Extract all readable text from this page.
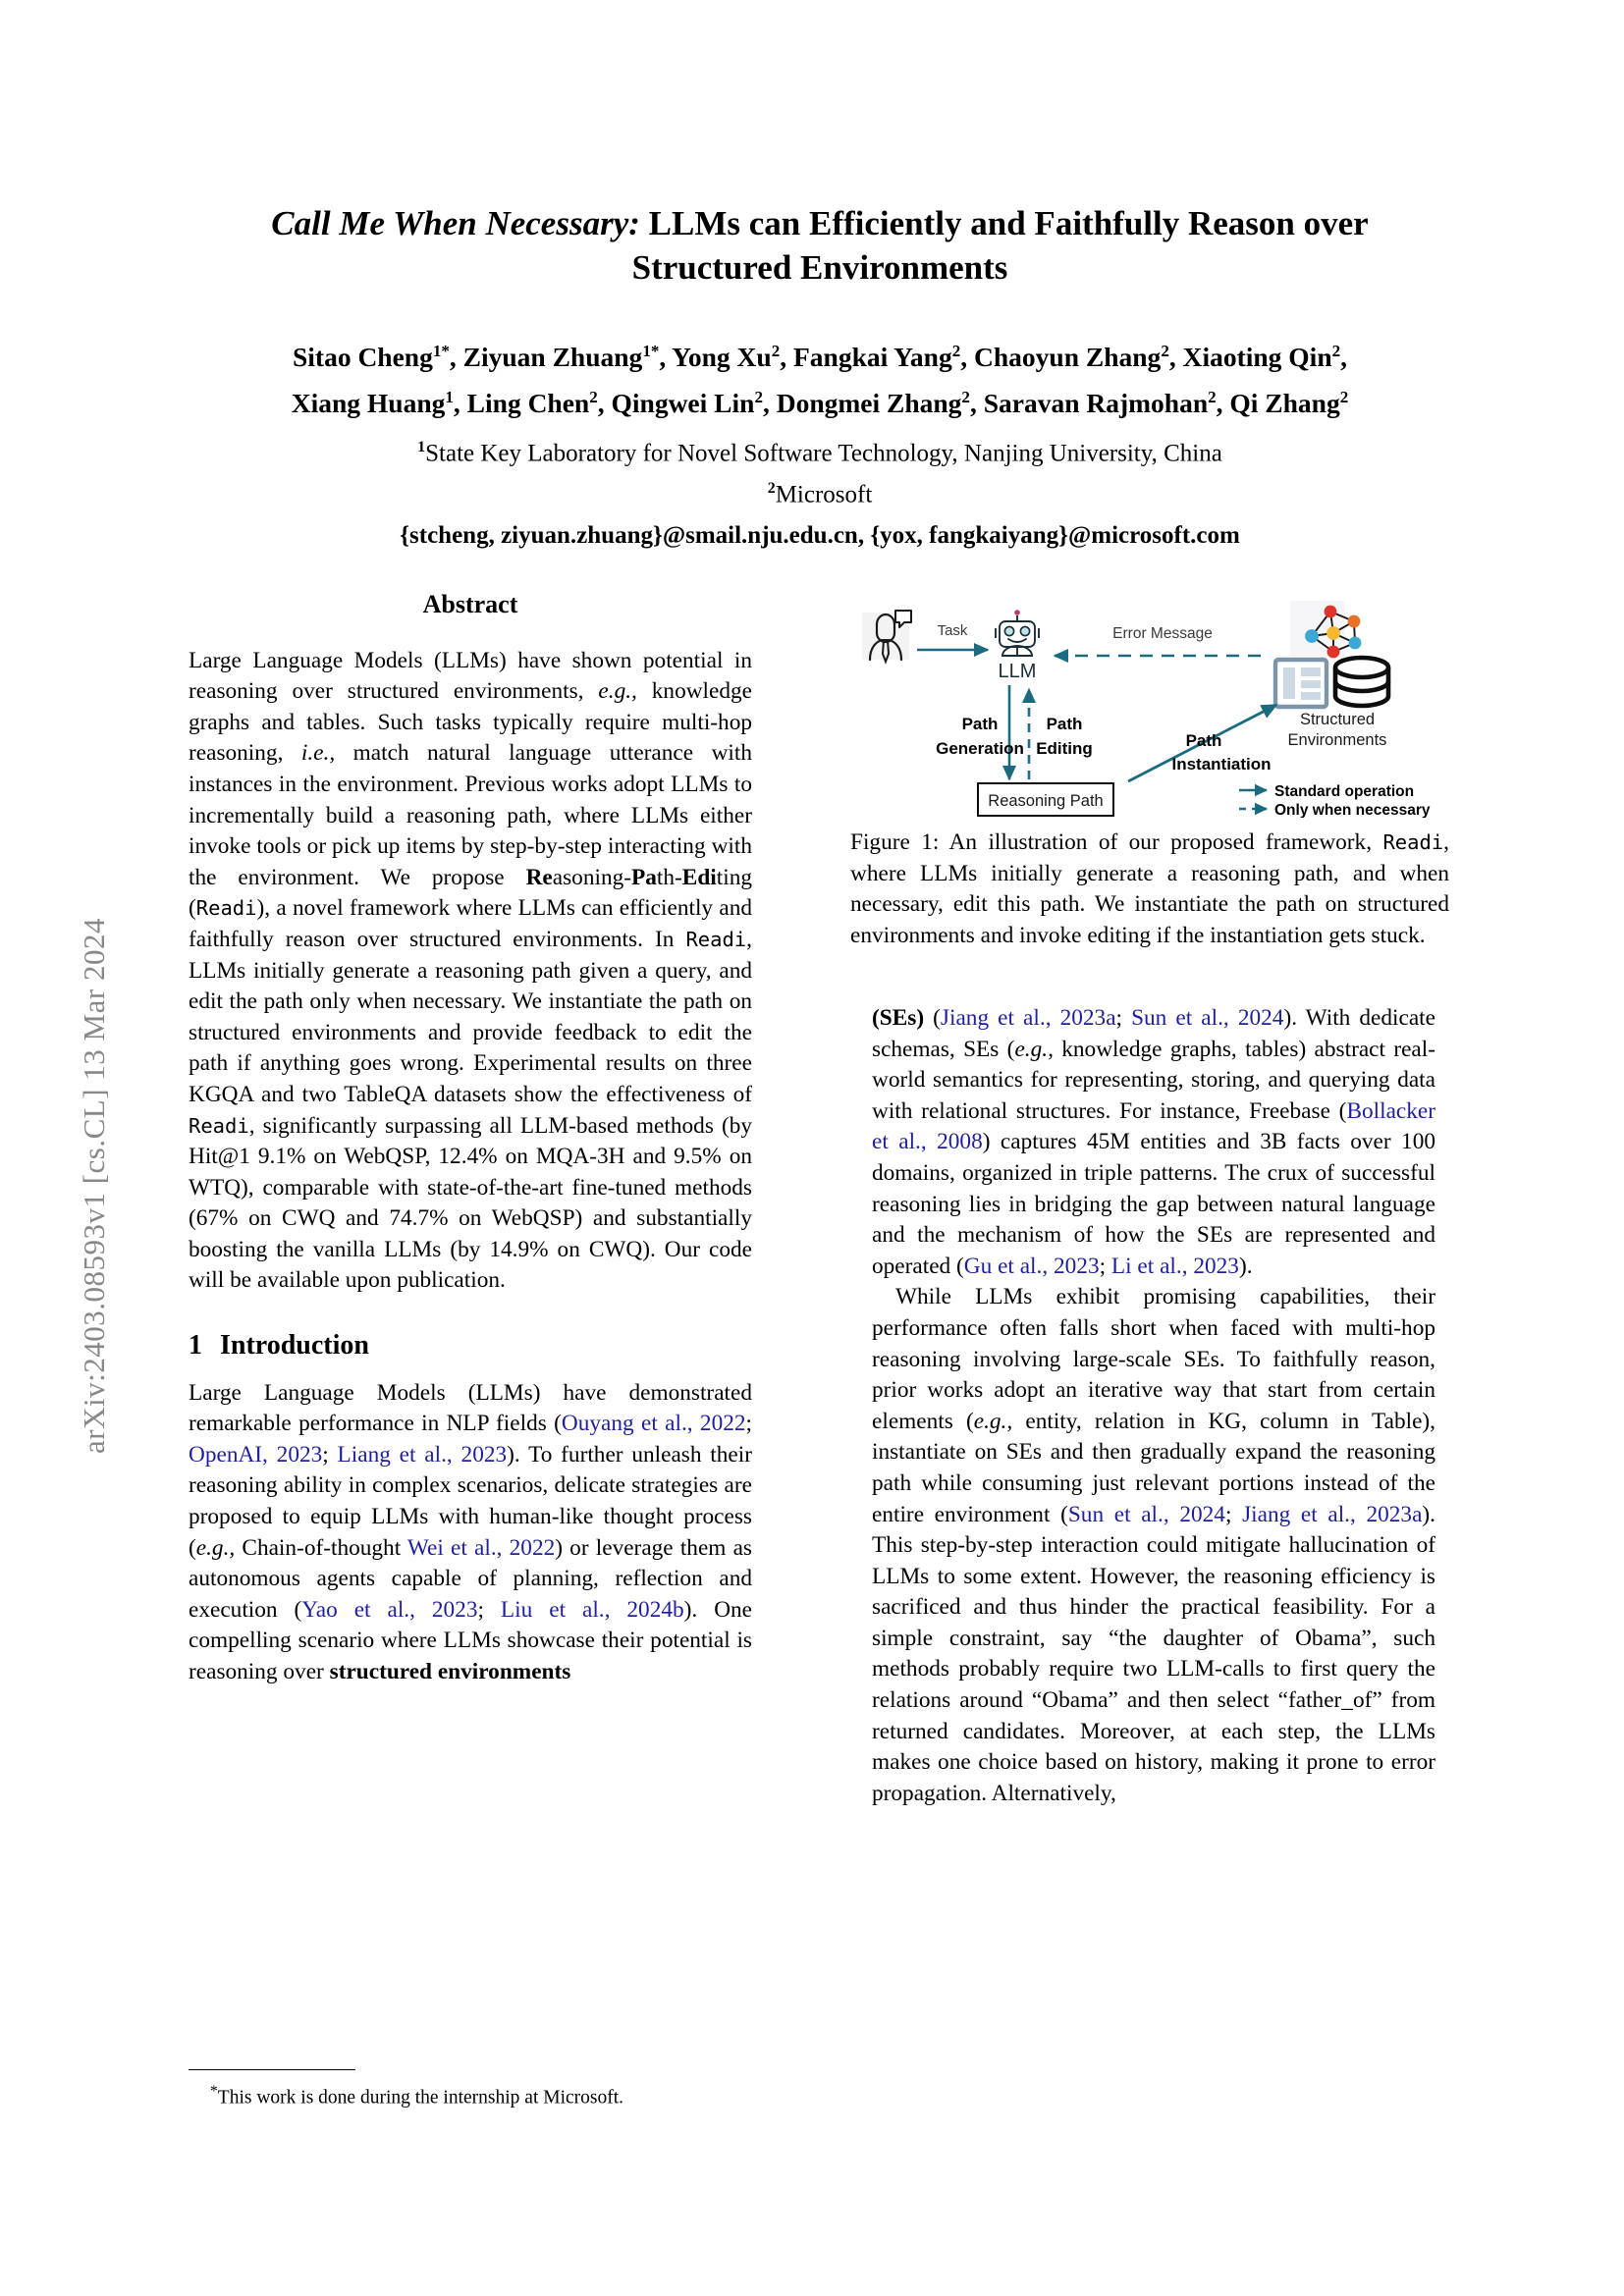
arXiv:2403.08593v1 [cs.CL] 13 Mar 2024
Call Me When Necessary: LLMs can Efficiently and Faithfully Reason over
Structured Environments
Sitao Cheng$^{1*}$, Ziyuan Zhuang$^{1*}$, Yong Xu$^2$, Fangkai Yang$^2$, Chaoyun Zhang$^2$, Xiaoting Qin$^2$,
Xiang Huang$^1$, Ling Chen$^2$, Qingwei Lin$^2$, Dongmei Zhang$^2$, Saravan Rajmohan$^2$, Qi Zhang$^2$
$^1$State Key Laboratory for Novel Software Technology, Nanjing University, China
$^2$Microsoft
{stcheng, ziyuan.zhuang}@smail.nju.edu.cn, {yox, fangkaiyang}@microsoft.com
Abstract

Large Language Models (LLMs) have shown potential in reasoning over structured environments, e.g., knowledge graphs and tables. Such tasks typically require multi-hop reasoning, i.e., match natural language utterance with instances in the environment. Previous works adopt LLMs to incrementally build a reasoning path, where LLMs either invoke tools or pick up items by step-by-step interacting with the environment. We propose Reasoning-Path-Editing (Readi), a novel framework where LLMs can efficiently and faithfully reason over structured environments. In Readi, LLMs initially generate a reasoning path given a query, and edit the path only when necessary. We instantiate the path on structured environments and provide feedback to edit the path if anything goes wrong. Experimental results on three KGQA and two TableQA datasets show the effectiveness of Readi, significantly surpassing all LLM-based methods (by Hit@1 9.1% on WebQSP, 12.4% on MQA-3H and 9.5% on WTQ), comparable with state-of-the-art fine-tuned methods (67% on CWQ and 74.7% on WebQSP) and substantially boosting the vanilla LLMs (by 14.9% on CWQ). Our code will be available upon publication.

1 Introduction

Large Language Models (LLMs) have demonstrated remarkable performance in NLP fields (Ouyang et al., 2022; OpenAI, 2023; Liang et al., 2023). To further unleash their reasoning ability in complex scenarios, delicate strategies are proposed to equip LLMs with human-like thought process (e.g., Chain-of-thought Wei et al., 2022) or leverage them as autonomous agents capable of planning, reflection and execution (Yao et al., 2023; Liu et al., 2024b). One compelling scenario where LLMs showcase their potential is reasoning over structured environments

*This work is done during the internship at Microsoft.
Task
LLM
Error Message
Structured
Environments
Path
Generation
Path
Editing
Reasoning Path
Path
Instantiation
Standard operation
Only when necessary
Figure 1: An illustration of our proposed framework, Readi, where LLMs initially generate a reasoning path, and when necessary, edit this path. We instantiate the path on structured environments and invoke editing if the instantiation gets stuck.

(SEs) (Jiang et al., 2023a; Sun et al., 2024). With dedicate schemas, SEs (e.g., knowledge graphs, tables) abstract real-world semantics for representing, storing, and querying data with relational structures. For instance, Freebase (Bollacker et al., 2008) captures 45M entities and 3B facts over 100 domains, organized in triple patterns. The crux of successful reasoning lies in bridging the gap between natural language and the mechanism of how the SEs are represented and operated (Gu et al., 2023; Li et al., 2023).

While LLMs exhibit promising capabilities, their performance often falls short when faced with multi-hop reasoning involving large-scale SEs. To faithfully reason, prior works adopt an iterative way that start from certain elements (e.g., entity, relation in KG, column in Table), instantiate on SEs and then gradually expand the reasoning path while consuming just relevant portions instead of the entire environment (Sun et al., 2024; Jiang et al., 2023a). This step-by-step interaction could mitigate hallucination of LLMs to some extent. However, the reasoning efficiency is sacrificed and thus hinder the practical feasibility. For a simple constraint, say “the daughter of Obama”, such methods probably require two LLM-calls to first query the relations around “Obama” and then select “father_of” from returned candidates. Moreover, at each step, the LLMs makes one choice based on history, making it prone to error propagation. Alternatively,
